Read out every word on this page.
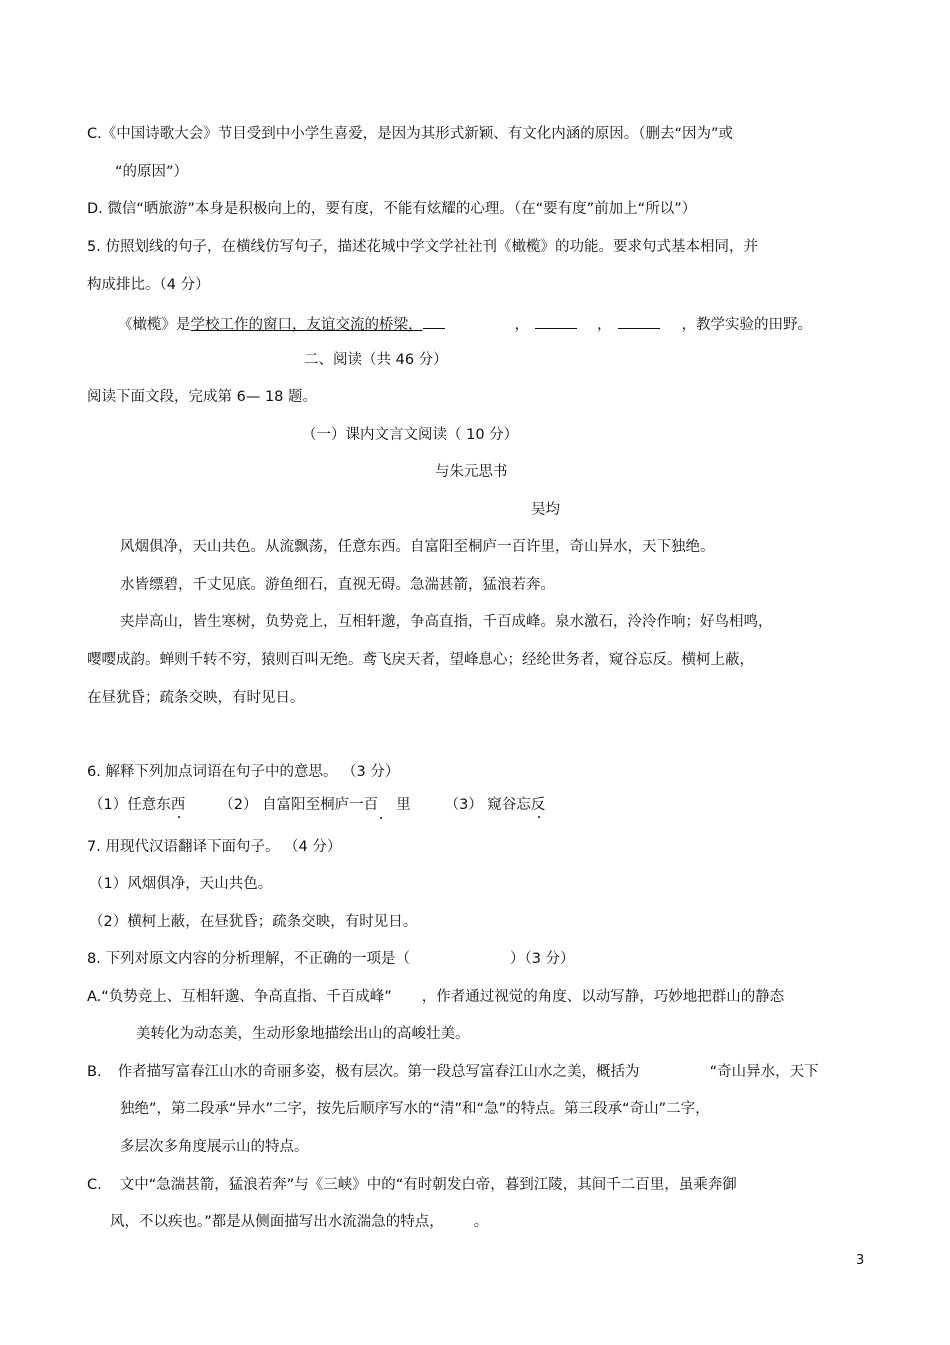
C.《中国诗歌大会》节目受到中小学生喜爱，是因为其形式新颖、有文化内涵的原因。（删去“因为”或
“的原因”）
D. 微信“晒旅游”本身是积极向上的，要有度，不能有炫耀的心理。（在“要有度”前加上“所以”）
5. 仿照划线的句子，在横线仿写句子，描述花城中学文学社社刊《橄榄》的功能。要求句式基本相同，并
构成排比。（4 分）
《橄榄》是学校工作的窗口，友谊交流的桥梁，	，	，	，教学实验的田野。
二、阅读（共 46 分）
阅读下面文段，完成第 6— 18 题。
（一）课内文言文阅读（ 10 分）
与朱元思书
吴均
风烟俱净，天山共色。从流飘荡，任意东西。自富阳至桐庐一百许里，奇山异水，天下独绝。
水皆缥碧，千丈见底。游鱼细石，直视无碍。急湍甚箭，猛浪若奔。
夹岸高山，皆生寒树，负势竞上，互相轩邈，争高直指，千百成峰。泉水激石，泠泠作响；好鸟相鸣，
嘤嘤成韵。蝉则千转不穷，猿则百叫无绝。鸢飞戾天者，望峰息心；经纶世务者，窥谷忘反。横柯上蔽，
在昼犹昏；疏条交映，有时见日。
6. 解释下列加点词语在句子中的意思。 （3 分）
（1）任意东西 （2） 自富阳至桐庐一百 里 （3） 窥谷忘反
7. 用现代汉语翻译下面句子。 （4 分）
（1）风烟俱净，天山共色。
（2）横柯上蔽，在昼犹昏；疏条交映，有时见日。
8. 下列对原文内容的分析理解，不正确的一项是（	）（3 分）
A.“负势竞上、互相轩邈、争高直指、千百成峰” ，作者通过视觉的角度、以动写静，巧妙地把群山的静态
美转化为动态美，生动形象地描绘出山的高峻壮美。
B. 作者描写富春江山水的奇丽多姿，极有层次。第一段总写富春江山水之美，概括为	“奇山异水，天下
独绝”，第二段承“异水”二字，按先后顺序写水的“清”和“急”的特点。第三段承“奇山”二字，
多层次多角度展示山的特点。
C. 文中“急湍甚箭，猛浪若奔”与《三峡》中的“有时朝发白帝，暮到江陵，其间千二百里，虽乘奔御
风，不以疾也。”都是从侧面描写出水流湍急的特点， 。
3
